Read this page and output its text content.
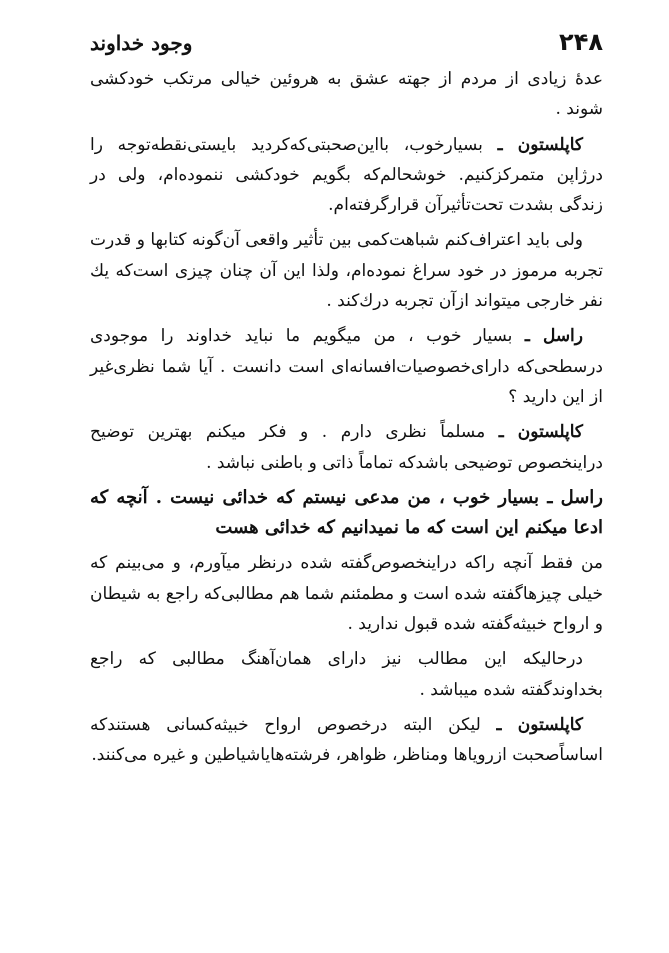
۲۴۸
وجود خداوند

عدهٔ زیادی از مردم از جهته عشق به هروئین خیالی مرتکب خودکشی شوند .

کاپلستون ـ بسیارخوب، بااین‌صحبتی‌که‌کردید بایستی‌نقطه‌توجه را درژاپن متمرکزکنیم. خوشحالم‌که بگویم خودکشی ننموده‌ام، ولی در زندگی بشدت تحت‌تأثیرآن قرارگرفته‌ام.

ولی باید اعتراف‌کنم شباهت‌کمی بین تأثیر واقعی آن‌گونه کتابها و قدرت تجربه مرموز در خود سراغ نموده‌ام، ولذا این آن چنان چیزی است‌که یك نفر خارجی میتواند ازآن تجربه درك‌کند .

راسل ـ بسیار خوب ، من میگویم ما نباید خداوند را موجودی درسطحی‌که دارای‌خصوصیات‌افسانه‌ای است دانست . آیا شما نظری‌غیر از این دارید ؟

کاپلستون ـ مسلماً نظری دارم . و فکر میکنم بهترین توضیح دراینخصوص توضیحی باشدکه تماماً ذاتی و باطنی نباشد .

راسل ـ بسیار خوب ، من مدعی نیستم که خدائی نیست . آنچه که ادعا میکنم این است که ما نمیدانیم که خدائی هست

من فقط آنچه راکه دراینخصوص‌گفته شده درنظر میآورم، و می‌بینم که خیلی چیزهاگفته شده است و مطمئنم شما هم مطالبی‌که راجع به شیطان و ارواح خبیثه‌گفته شده قبول ندارید .

درحالیکه این مطالب نیز دارای همان‌آهنگ مطالبی که راجع بخداوندگفته شده میباشد .

کاپلستون ـ لیکن البته درخصوص ارواح خبیثه‌کسانی هستندکه اساساًصحبت ازرویاها ومناظر، ظواهر، فرشته‌هایاشیاطین و غیره می‌کنند.
